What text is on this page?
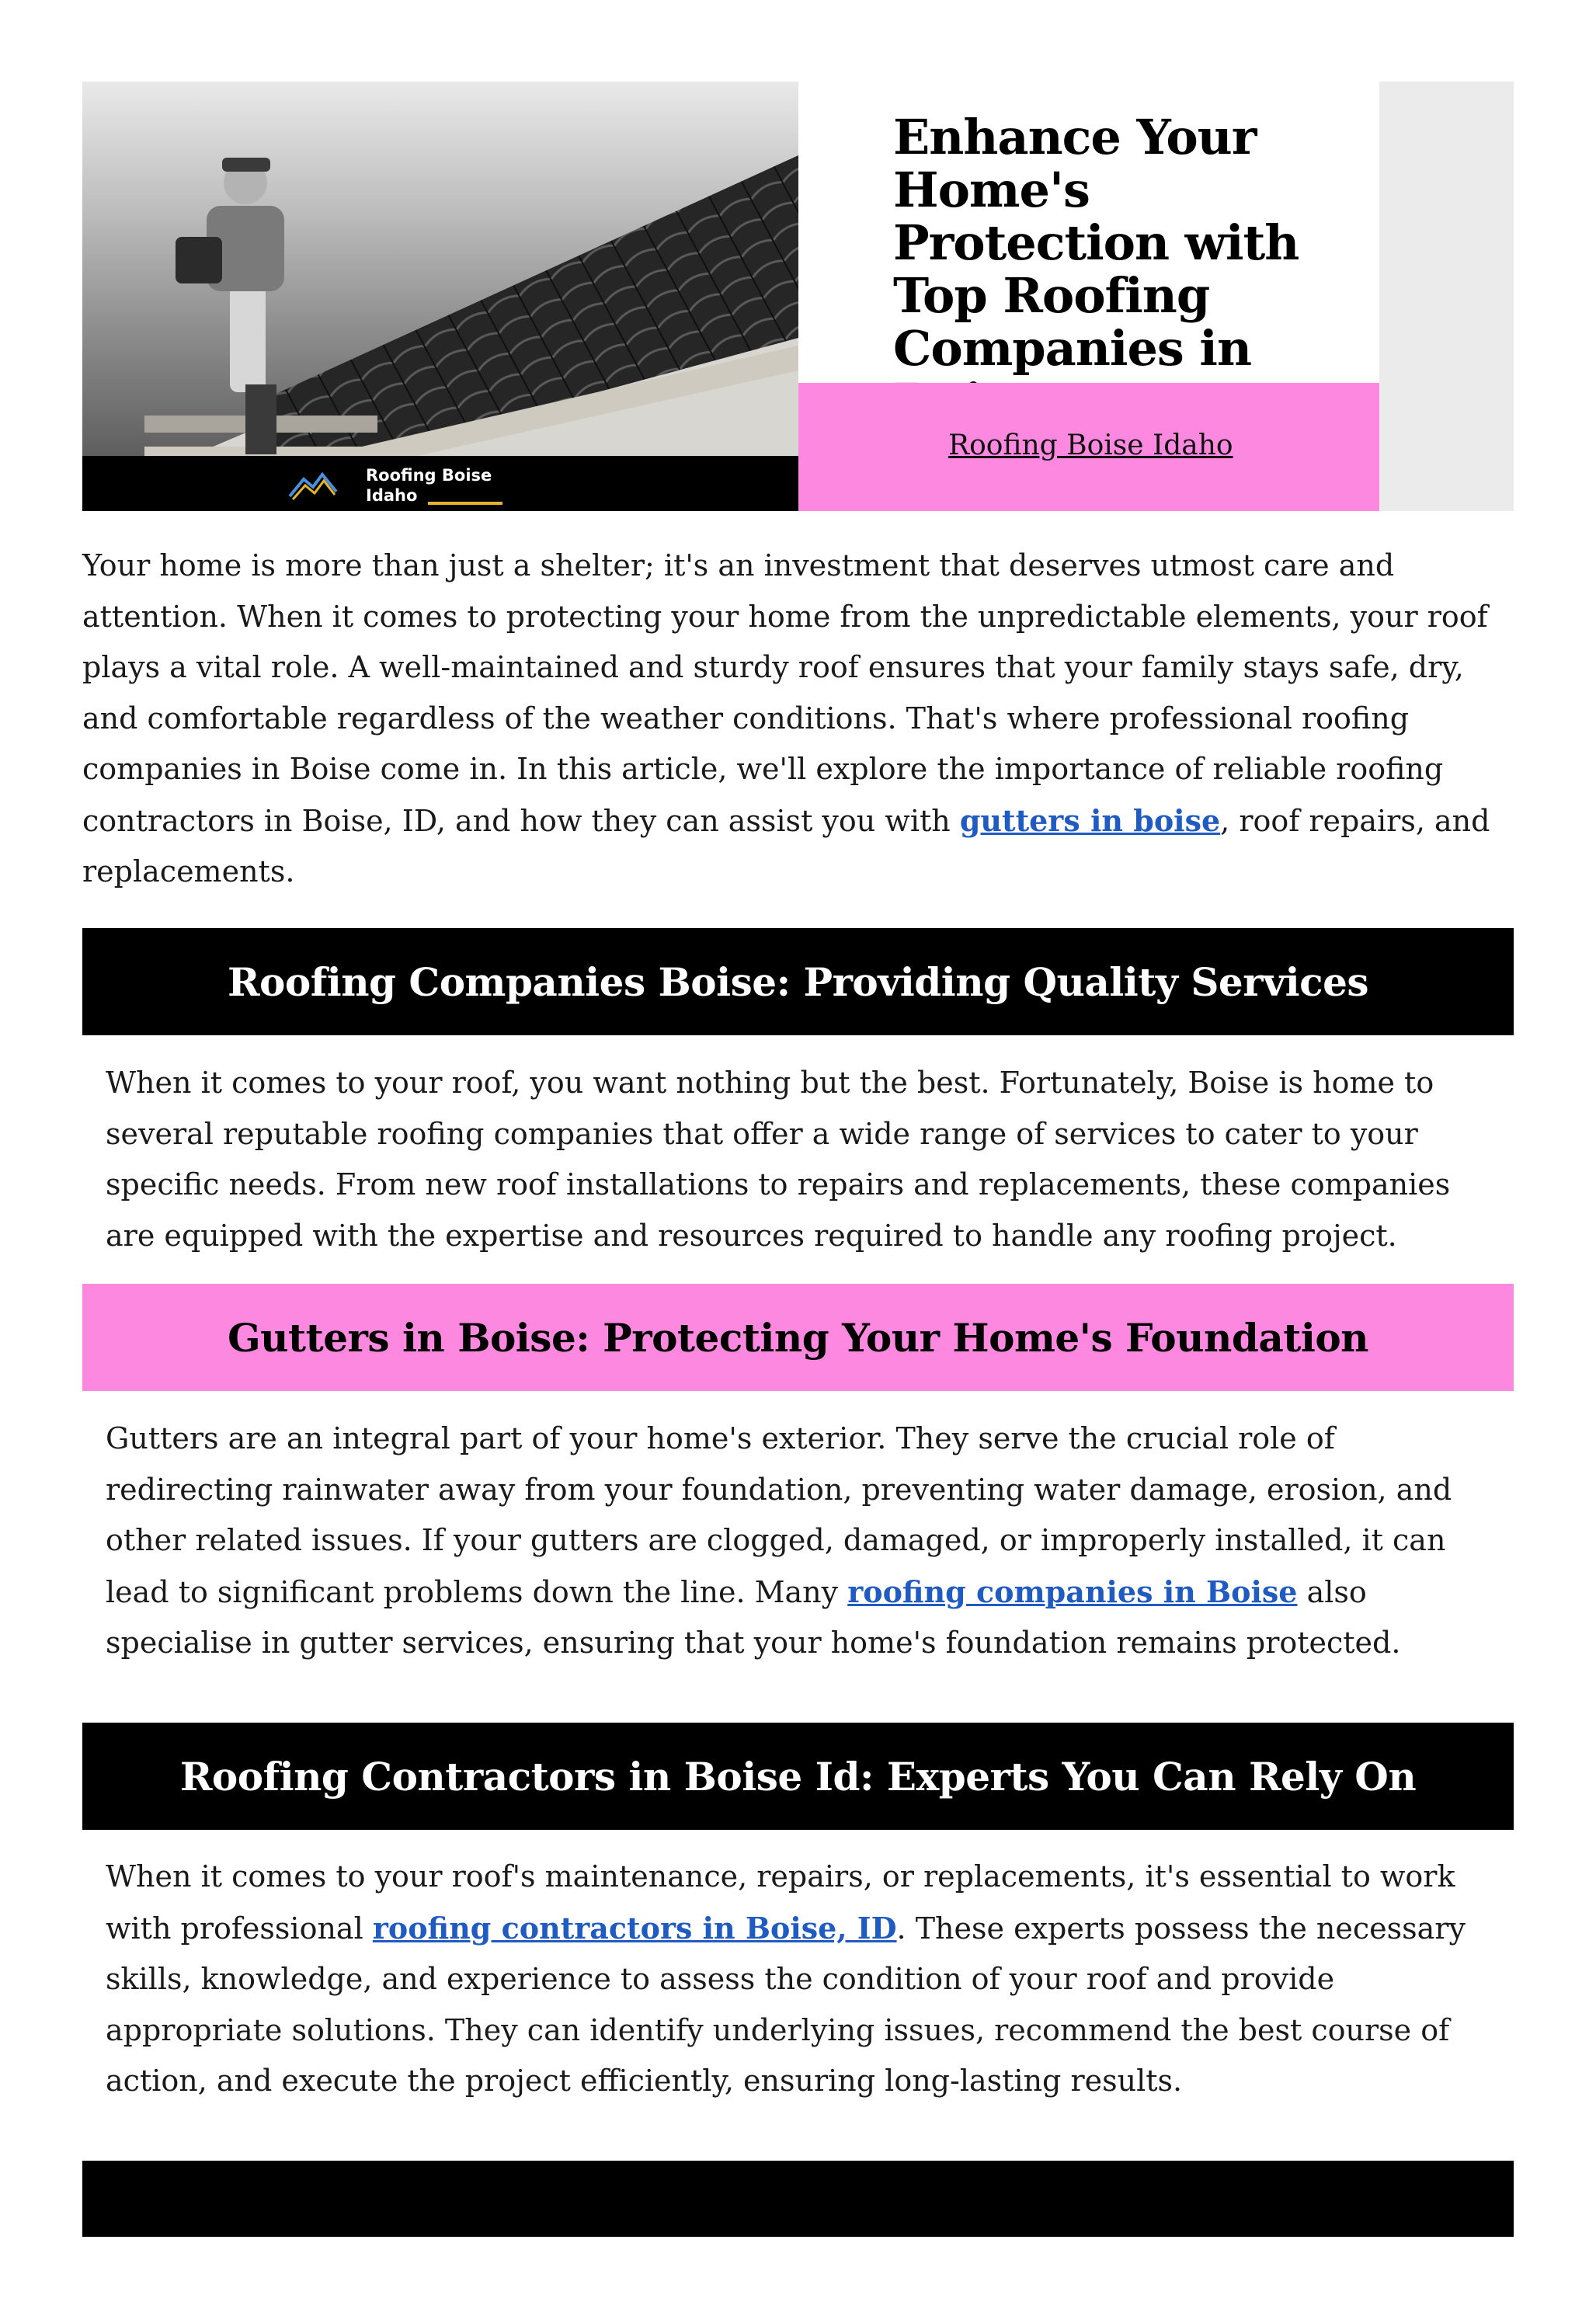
Roofing Boise
Idaho
Enhance Your Home's Protection with Top Roofing Companies in
Roofing Boise Idaho

Your home is more than just a shelter; it's an investment that deserves utmost care and attention. When it comes to protecting your home from the unpredictable elements, your roof plays a vital role. A well-maintained and sturdy roof ensures that your family stays safe, dry, and comfortable regardless of the weather conditions. That's where professional roofing companies in Boise come in. In this article, we'll explore the importance of reliable roofing contractors in Boise, ID, and how they can assist you with gutters in boise, roof repairs, and replacements.

Roofing Companies Boise: Providing Quality Services

When it comes to your roof, you want nothing but the best. Fortunately, Boise is home to several reputable roofing companies that offer a wide range of services to cater to your specific needs. From new roof installations to repairs and replacements, these companies are equipped with the expertise and resources required to handle any roofing project.

Gutters in Boise: Protecting Your Home's Foundation

Gutters are an integral part of your home's exterior. They serve the crucial role of redirecting rainwater away from your foundation, preventing water damage, erosion, and other related issues. If your gutters are clogged, damaged, or improperly installed, it can lead to significant problems down the line. Many roofing companies in Boise also specialise in gutter services, ensuring that your home's foundation remains protected.

Roofing Contractors in Boise Id: Experts You Can Rely On

When it comes to your roof's maintenance, repairs, or replacements, it's essential to work with professional roofing contractors in Boise, ID. These experts possess the necessary skills, knowledge, and experience to assess the condition of your roof and provide appropriate solutions. They can identify underlying issues, recommend the best course of action, and execute the project efficiently, ensuring long-lasting results.
